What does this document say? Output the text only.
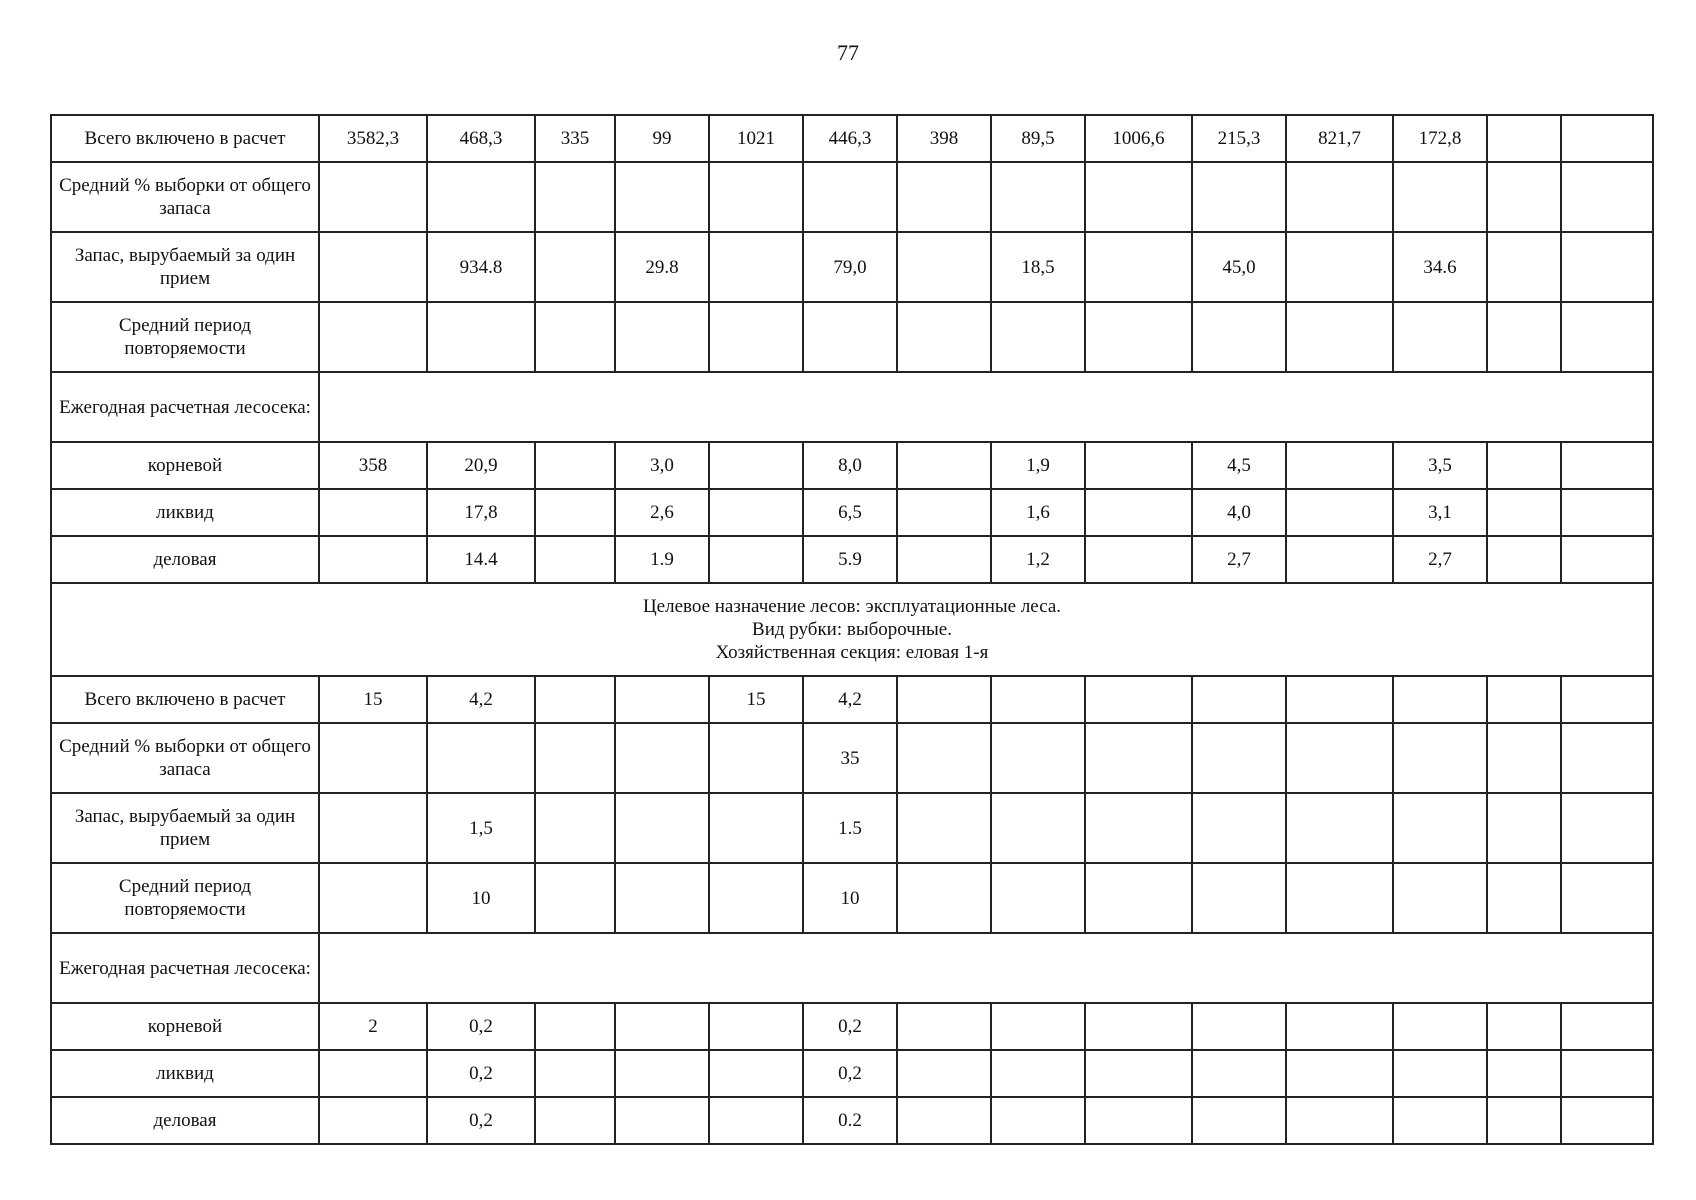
77
Всего включено в расчет	3582,3	468,3	335	99	1021	446,3	398	89,5	1006,6	215,3	821,7	172,8		
Средний % выборки от общего запаса														
Запас, вырубаемый за один прием		934.8		29.8		79,0		18,5		45,0		34.6		
Средний период повторяемости														
Ежегодная расчетная лесосека:														
корневой	358	20,9		3,0		8,0		1,9		4,5		3,5		
ликвид		17,8		2,6		6,5		1,6		4,0		3,1		
деловая		14.4		1.9		5.9		1,2		2,7		2,7		

Целевое назначение лесов: эксплуатационные леса.
Вид рубки: выборочные.
Хозяйственная секция: еловая 1-я														

Всего включено в расчет	15	4,2			15	4,2								
Средний % выборки от общего запаса						35								
Запас, вырубаемый за один прием		1,5				1.5								
Средний период повторяемости		10				10								
Ежегодная расчетная лесосека:														
корневой	2	0,2				0,2								
ликвид		0,2				0,2								
деловая		0,2				0.2								
